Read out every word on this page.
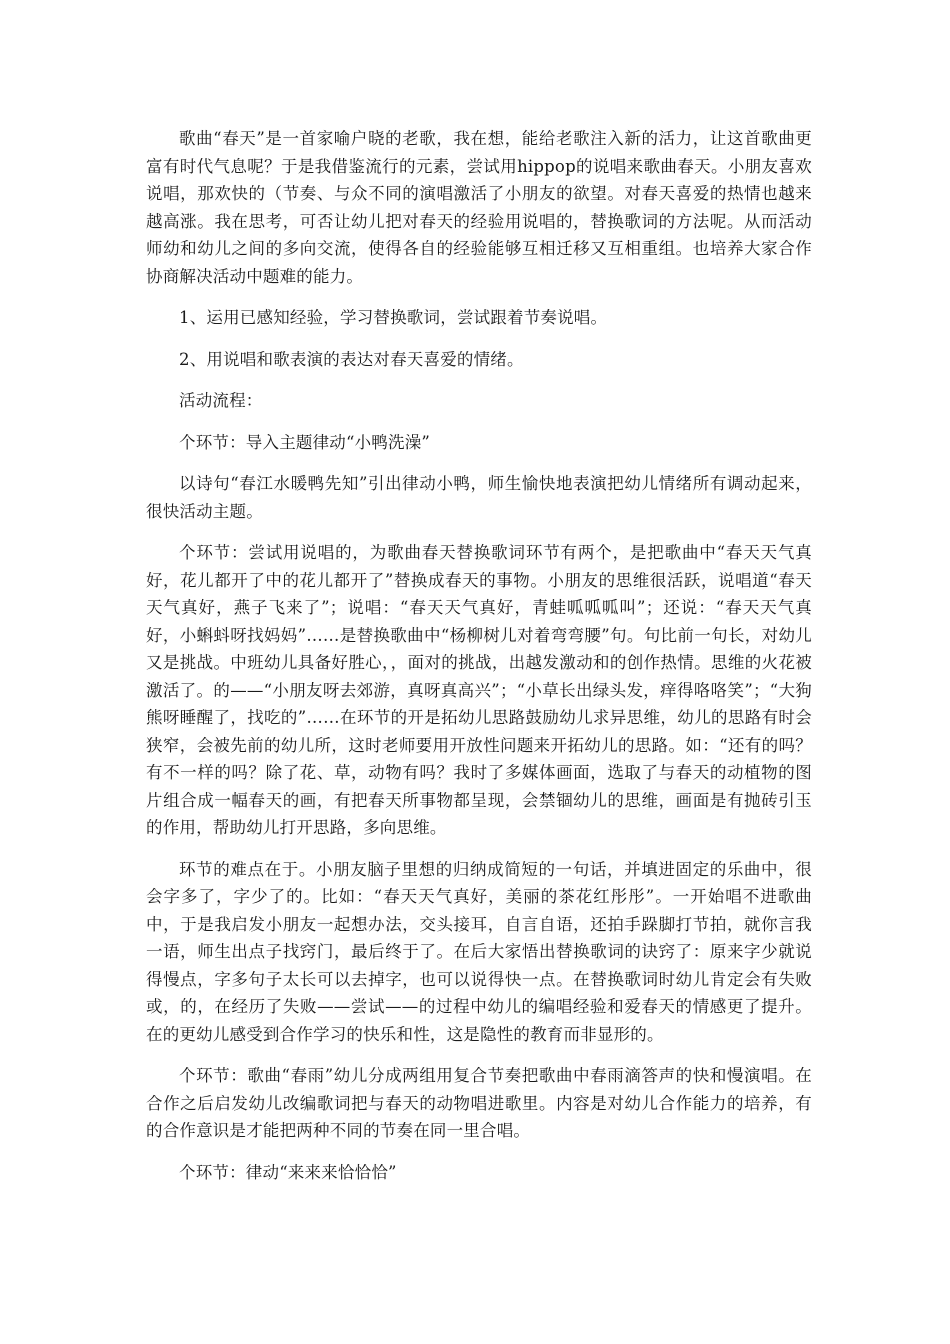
歌曲“春天”是一首家喻户晓的老歌，我在想，能给老歌注入新的活力，让这首歌曲更富有时代气息呢？于是我借鉴流行的元素，尝试用hippop的说唱来歌曲春天。小朋友喜欢说唱，那欢快的（节奏、与众不同的演唱激活了小朋友的欲望。对春天喜爱的热情也越来越高涨。我在思考，可否让幼儿把对春天的经验用说唱的，替换歌词的方法呢。从而活动师幼和幼儿之间的多向交流，使得各自的经验能够互相迁移又互相重组。也培养大家合作协商解决活动中题难的能力。

1、运用已感知经验，学习替换歌词，尝试跟着节奏说唱。

2、用说唱和歌表演的表达对春天喜爱的情绪。

活动流程：

个环节：导入主题律动“小鸭洗澡”

以诗句“春江水暖鸭先知”引出律动小鸭，师生愉快地表演把幼儿情绪所有调动起来，很快活动主题。

个环节：尝试用说唱的，为歌曲春天替换歌词环节有两个，是把歌曲中“春天天气真好，花儿都开了中的花儿都开了”替换成春天的事物。小朋友的思维很活跃，说唱道“春天天气真好，燕子飞来了”；说唱：“春天天气真好，青蛙呱呱呱叫”；还说：“春天天气真好，小蝌蚪呀找妈妈”……是替换歌曲中“杨柳树儿对着弯弯腰”句。句比前一句长，对幼儿又是挑战。中班幼儿具备好胜心，，面对的挑战，出越发激动和的创作热情。思维的火花被激活了。的——“小朋友呀去郊游，真呀真高兴”；“小草长出绿头发，痒得咯咯笑”；“大狗熊呀睡醒了，找吃的”……在环节的开是拓幼儿思路鼓励幼儿求异思维，幼儿的思路有时会狭窄，会被先前的幼儿所，这时老师要用开放性问题来开拓幼儿的思路。如：“还有的吗？有不一样的吗？除了花、草，动物有吗？我时了多媒体画面，选取了与春天的动植物的图片组合成一幅春天的画，有把春天所事物都呈现，会禁锢幼儿的思维，画面是有抛砖引玉的作用，帮助幼儿打开思路，多向思维。

环节的难点在于。小朋友脑子里想的归纳成简短的一句话，并填进固定的乐曲中，很会字多了，字少了的。比如：“春天天气真好，美丽的茶花红彤彤”。一开始唱不进歌曲中，于是我启发小朋友一起想办法，交头接耳，自言自语，还拍手跺脚打节拍，就你言我一语，师生出点子找窍门，最后终于了。在后大家悟出替换歌词的诀窍了：原来字少就说得慢点，字多句子太长可以去掉字，也可以说得快一点。在替换歌词时幼儿肯定会有失败或，的，在经历了失败——尝试——的过程中幼儿的编唱经验和爱春天的情感更了提升。在的更幼儿感受到合作学习的快乐和性，这是隐性的教育而非显形的。

个环节：歌曲“春雨”幼儿分成两组用复合节奏把歌曲中春雨滴答声的快和慢演唱。在合作之后启发幼儿改编歌词把与春天的动物唱进歌里。内容是对幼儿合作能力的培养，有的合作意识是才能把两种不同的节奏在同一里合唱。

个环节：律动“来来来恰恰恰”
